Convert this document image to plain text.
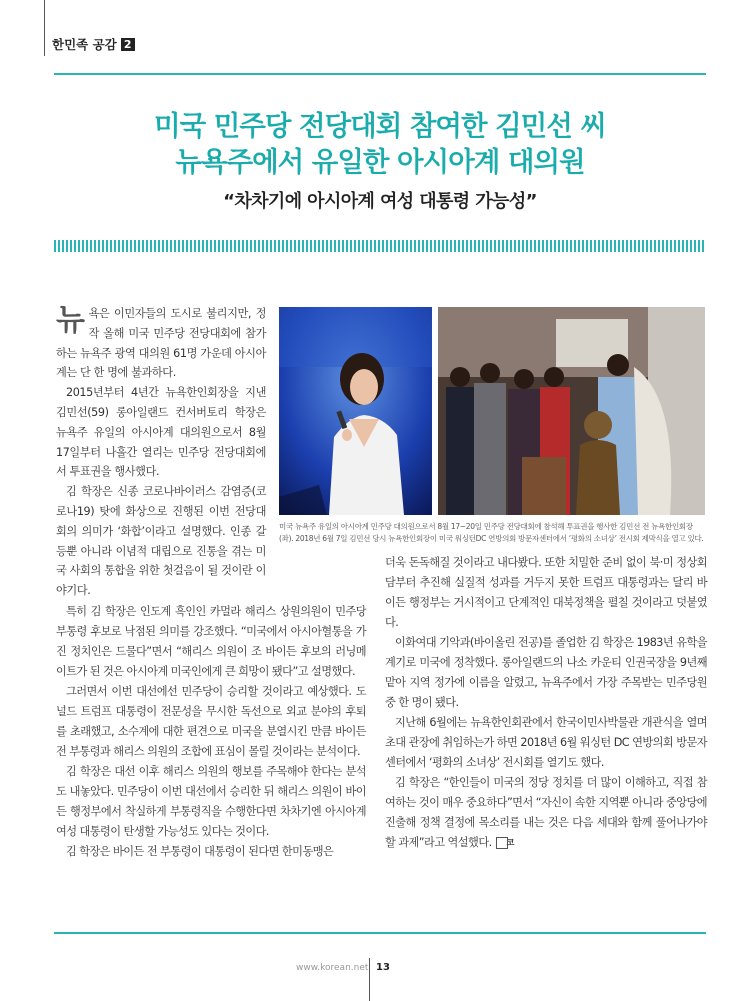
한민족 공감 2
미국 민주당 전당대회 참여한 김민선 씨
뉴욕주에서 유일한 아시아계 대의원
“차차기에 아시아계 여성 대통령 가능성”

뉴욕은 이민자들의 도시로 불리지만, 정작 올해 미국 민주당 전당대회에 참가하는 뉴욕주 광역 대의원 61명 가운데 아시아계는 단 한 명에 불과하다.

2015년부터 4년간 뉴욕한인회장을 지낸 김민선(59) 롱아일랜드 컨서버토리 학장은 뉴욕주 유일의 아시아계 대의원으로서 8월 17일부터 나흘간 열리는 민주당 전당대회에서 투표권을 행사했다.

김 학장은 신종 코로나바이러스 감염증(코로나19) 탓에 화상으로 진행된 이번 전당대회의 의미가 ‘화합’이라고 설명했다. 인종 갈등뿐 아니라 이념적 대립으로 진통을 겪는 미국 사회의 통합을 위한 첫걸음이 될 것이란 이야기다.

미국 뉴욕주 유일의 아시아계 민주당 대의원으로서 8월 17~20일 민주당 전당대회에 참석해 투표권을 행사한 김민선 전 뉴욕한인회장(좌). 2018년 6월 7일 김민선 당시 뉴욕한인회장이 미국 워싱턴DC 연방의회 방문자센터에서 ‘평화의 소녀상’ 전시회 제막식을 열고 있다.

특히 김 학장은 인도계 흑인인 카멀라 해리스 상원의원이 민주당 부통령 후보로 낙점된 의미를 강조했다. “미국에서 아시아혈통을 가진 정치인은 드물다”면서 “해리스 의원이 조 바이든 후보의 러닝메이트가 된 것은 아시아계 미국인에게 큰 희망이 됐다”고 설명했다.

그러면서 이번 대선에선 민주당이 승리할 것이라고 예상했다. 도널드 트럼프 대통령이 전문성을 무시한 독선으로 외교 분야의 후퇴를 초래했고, 소수계에 대한 편견으로 미국을 분열시킨 만큼 바이든 전 부통령과 해리스 의원의 조합에 표심이 몰릴 것이라는 분석이다.

김 학장은 대선 이후 해리스 의원의 행보를 주목해야 한다는 분석도 내놓았다. 민주당이 이번 대선에서 승리한 뒤 해리스 의원이 바이든 행정부에서 착실하게 부통령직을 수행한다면 차차기엔 아시아계 여성 대통령이 탄생할 가능성도 있다는 것이다.

김 학장은 바이든 전 부통령이 대통령이 된다면 한미동맹은

더욱 돈독해질 것이라고 내다봤다. 또한 치밀한 준비 없이 북·미 정상회담부터 추진해 실질적 성과를 거두지 못한 트럼프 대통령과는 달리 바이든 행정부는 거시적이고 단계적인 대북정책을 펼칠 것이라고 덧붙였다.

이화여대 기악과(바이올린 전공)를 졸업한 김 학장은 1983년 유학을 계기로 미국에 정착했다. 롱아일랜드의 나소 카운티 인권국장을 9년째 맡아 지역 정가에 이름을 알렸고, 뉴욕주에서 가장 주목받는 민주당원 중 한 명이 됐다.

지난해 6월에는 뉴욕한인회관에서 한국이민사박물관 개관식을 열며 초대 관장에 취임하는가 하면 2018년 6월 워싱턴 DC 연방의회 방문자센터에서 ‘평화의 소녀상’ 전시회를 열기도 했다.

김 학장은 “한인들이 미국의 정당 정치를 더 많이 이해하고, 직접 참여하는 것이 매우 중요하다”면서 “자신이 속한 지역뿐 아니라 중앙당에 진출해 정책 결정에 목소리를 내는 것은 다음 세대와 함께 풀어나가야 할 과제”라고 역설했다. 코

www.korean.net 13
